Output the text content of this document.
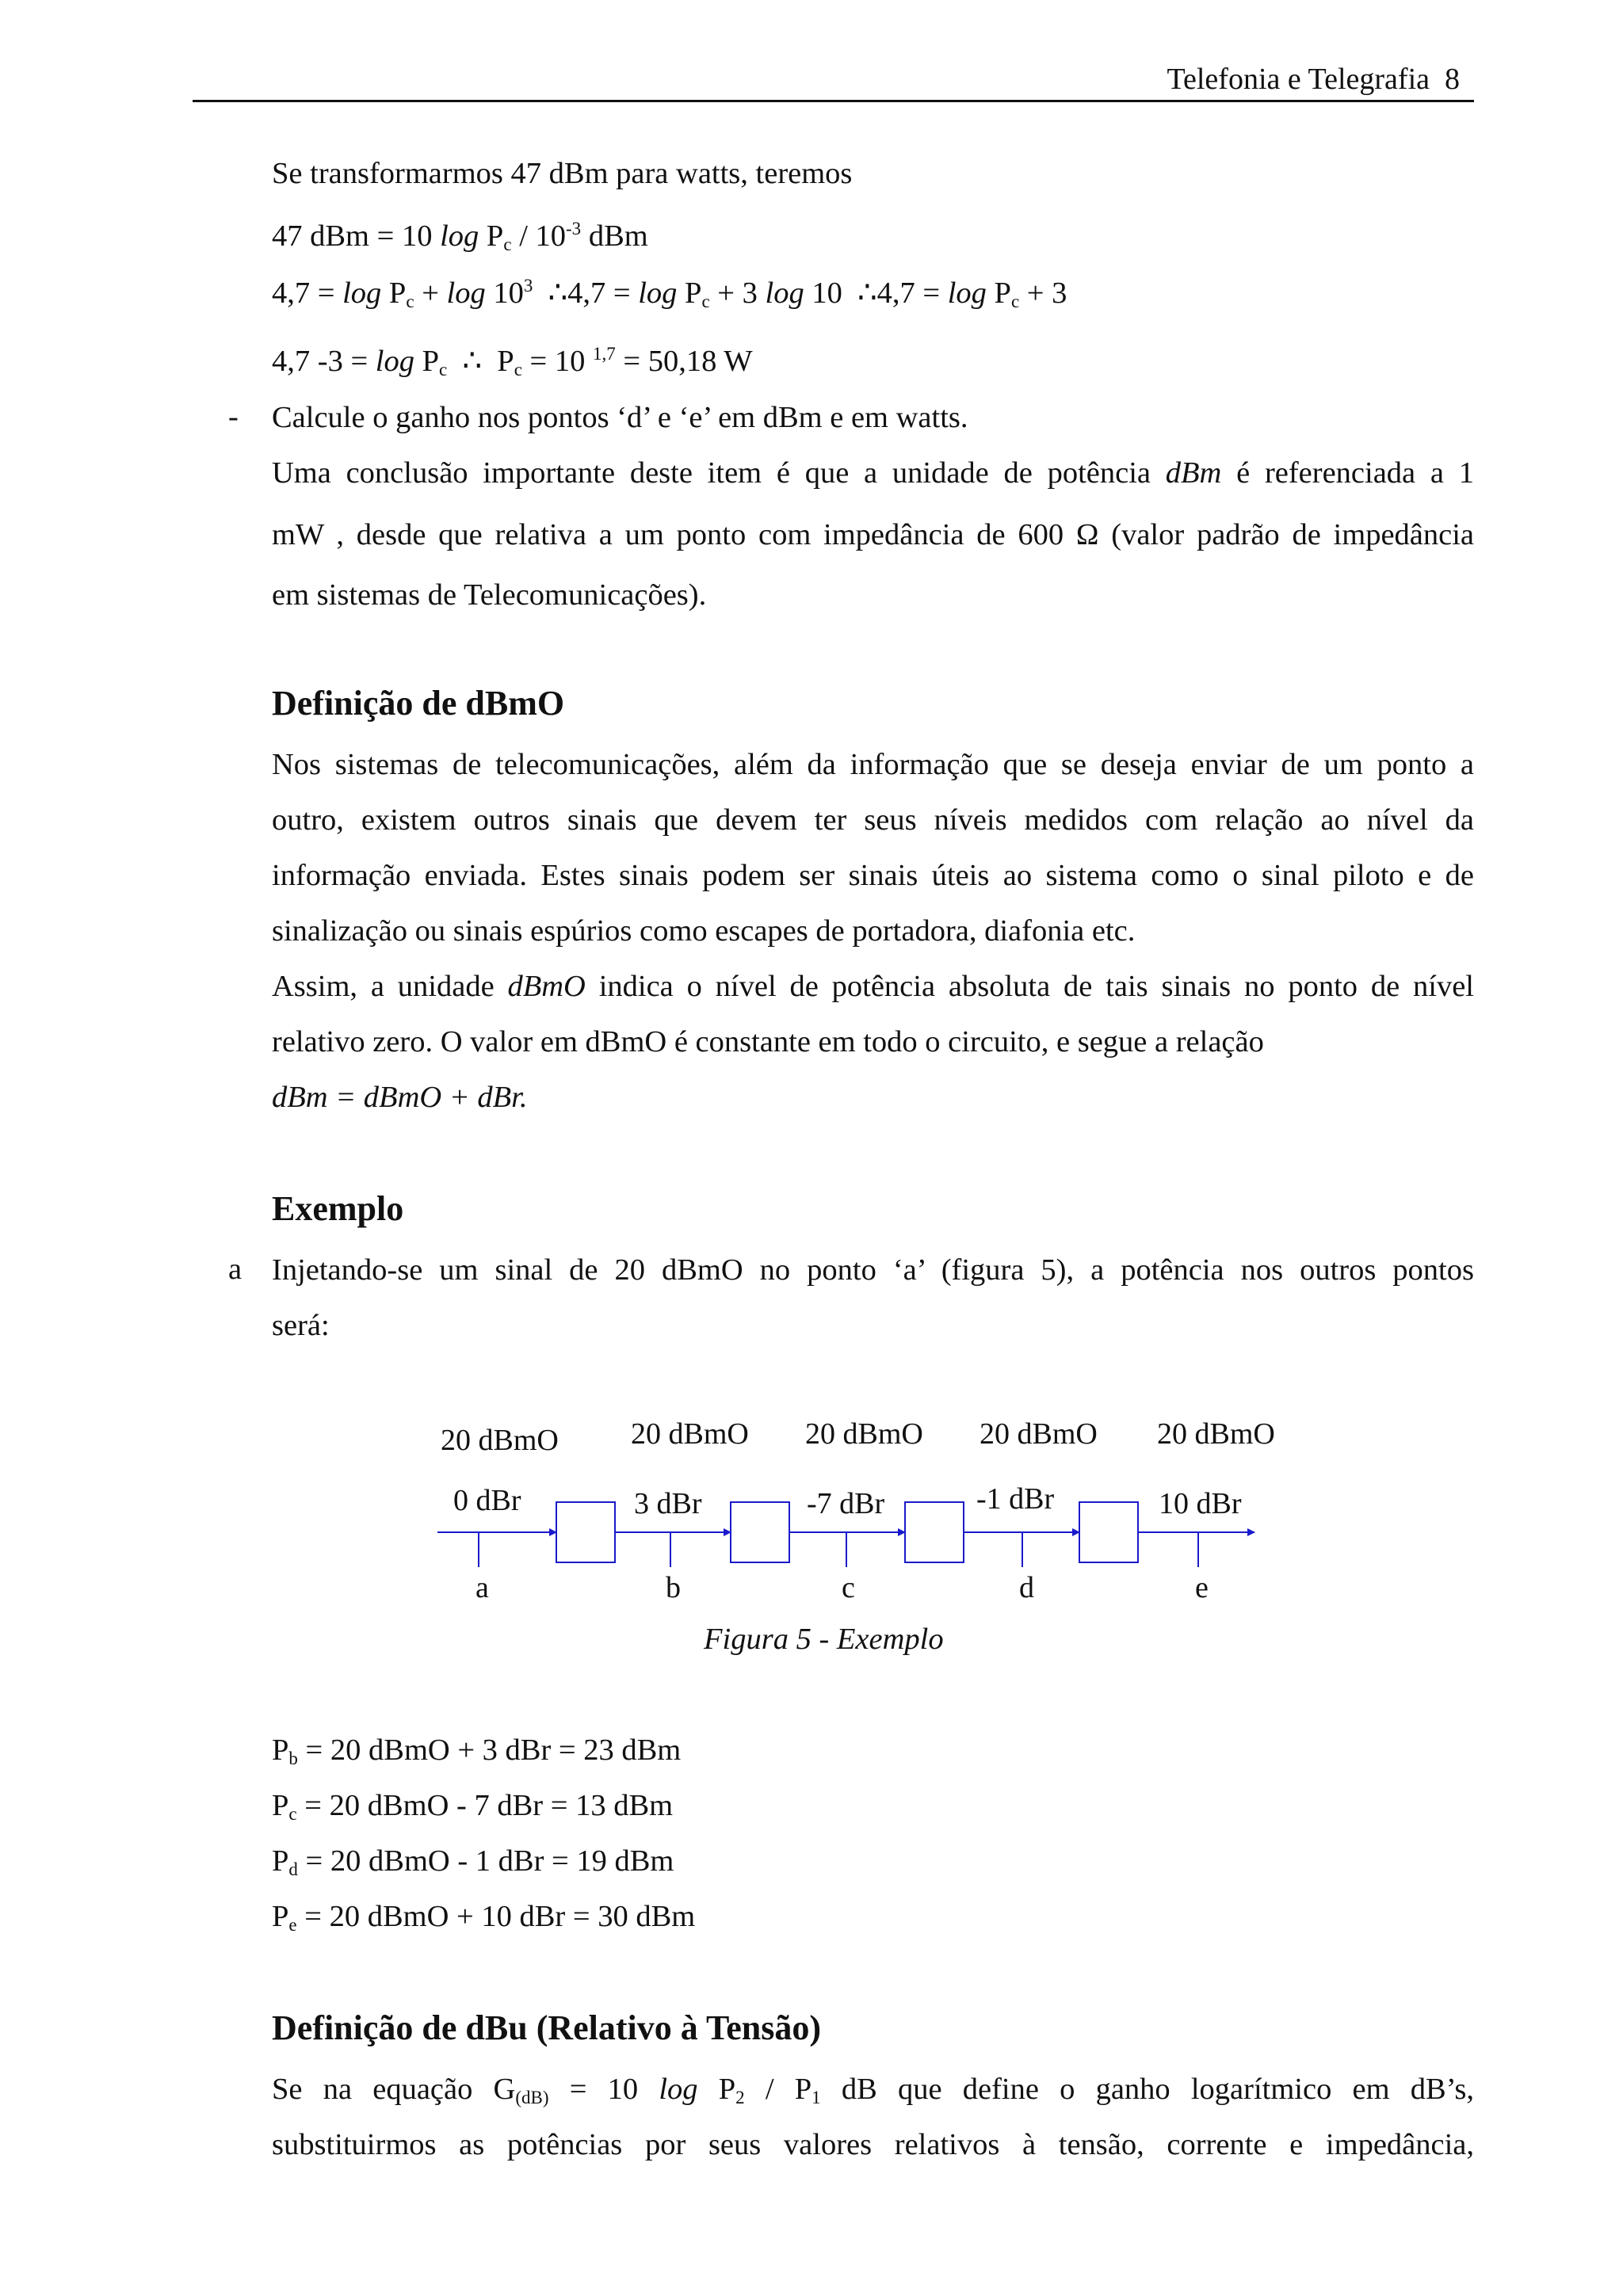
Telefonia e Telegrafia 8
Se transformarmos 47 dBm para watts, teremos
47 dBm = 10 $\log P_c / 10^{-3}$ dBm
$4,7 = \log P_c + \log 10^3$  ∴4,7 = $\log P_c + 3$ log 10  ∴4,7 = $\log P_c + 3$
4,7 $-3 = \log P_c$  ∴  $P_c = 10$ $^{1,7}$ = 50,18 W
- Calcule o ganho nos pontos ‘d’ e ‘e’ em dBm e em watts.
Uma conclusão importante deste item é que a unidade de potência dBm é referenciada a 1
mW , desde que relativa a um ponto com impedância de 600 Ω (valor padrão de impedância
em sistemas de Telecomunicações).
Definição de dBmO
Nos sistemas de telecomunicações, além da informação que se deseja enviar de um ponto a
outro, existem outros sinais que devem ter seus níveis medidos com relação ao nível da
informação enviada. Estes sinais podem ser sinais úteis ao sistema como o sinal piloto e de
sinalização ou sinais espúrios como escapes de portadora, diafonia etc.
Assim, a unidade dBmO indica o nível de potência absoluta de tais sinais no ponto de nível
relativo zero. O valor em dBmO é constante em todo o circuito, e segue a relação
dBm = dBmO + dBr.
Exemplo
a Injetando-se um sinal de 20 dBmO no ponto ‘a’ (figura 5), a potência nos outros pontos
será:
20 dBmO 20 dBmO 20 dBmO 20 dBmO 20 dBmO
0 dBr	3 dBr	-7 dBr	-1 dBr	10 dBr
a	b	c	d	e
Figura 5 - Exemplo
$P_b = 20$ dBmO + 3 dBr = 23 dBm
$P_c = 20$ dBmO - 7 dBr = 13 dBm
$P_d = 20$ dBmO - 1 dBr = 19 dBm
$P_e = 20$ dBmO + 10 dBr = 30 dBm
Definição de dBu (Relativo à Tensão)
Se na equação $G_{(dB)} = 10$ $\log P_2 / P_1$ dB que define o ganho logarítmico em dB’s,
substituirmos as potências por seus valores relativos à tensão, corrente e impedância,
